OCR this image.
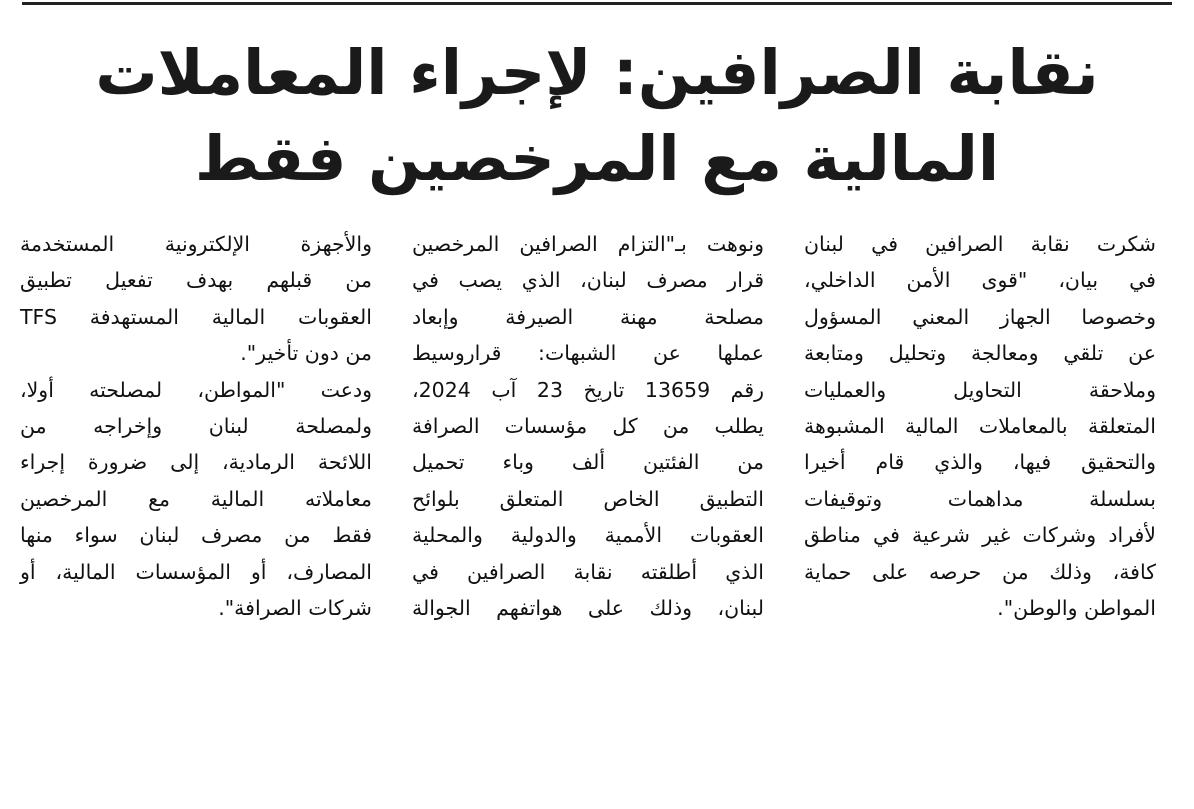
نقابة الصرافين: لإجراء المعاملات
المالية مع المرخصين فقط
شكرت نقابة الصرافين في لبنان
في بيان، "قوى الأمن الداخلي،
وخصوصا الجهاز المعني المسؤول
عن تلقي ومعالجة وتحليل ومتابعة
وملاحقة التحاويل والعمليات
المتعلقة بالمعاملات المالية المشبوهة
والتحقيق فيها، والذي قام أخيرا
بسلسلة مداهمات وتوقيفات
لأفراد وشركات غير شرعية في مناطق
كافة، وذلك من حرصه على حماية
المواطن والوطن".
ونوهت بـ"التزام الصرافين المرخصين
قرار مصرف لبنان، الذي يصب في
مصلحة مهنة الصيرفة وإبعاد
عملها عن الشبهات: قراروسيط
رقم 13659 تاريخ 23 آب 2024،
يطلب من كل مؤسسات الصرافة
من الفئتين ألف وباء تحميل
التطبيق الخاص المتعلق بلوائح
العقوبات الأممية والدولية والمحلية
الذي أطلقته نقابة الصرافين في
لبنان، وذلك على هواتفهم الجوالة
والأجهزة الإلكترونية المستخدمة
من قبلهم بهدف تفعيل تطبيق
العقوبات المالية المستهدفة TFS
من دون تأخير".
ودعت "المواطن، لمصلحته أولا،
ولمصلحة لبنان وإخراجه من
اللائحة الرمادية، إلى ضرورة إجراء
معاملاته المالية مع المرخصين
فقط من مصرف لبنان سواء منها
المصارف، أو المؤسسات المالية، أو
شركات الصرافة".
